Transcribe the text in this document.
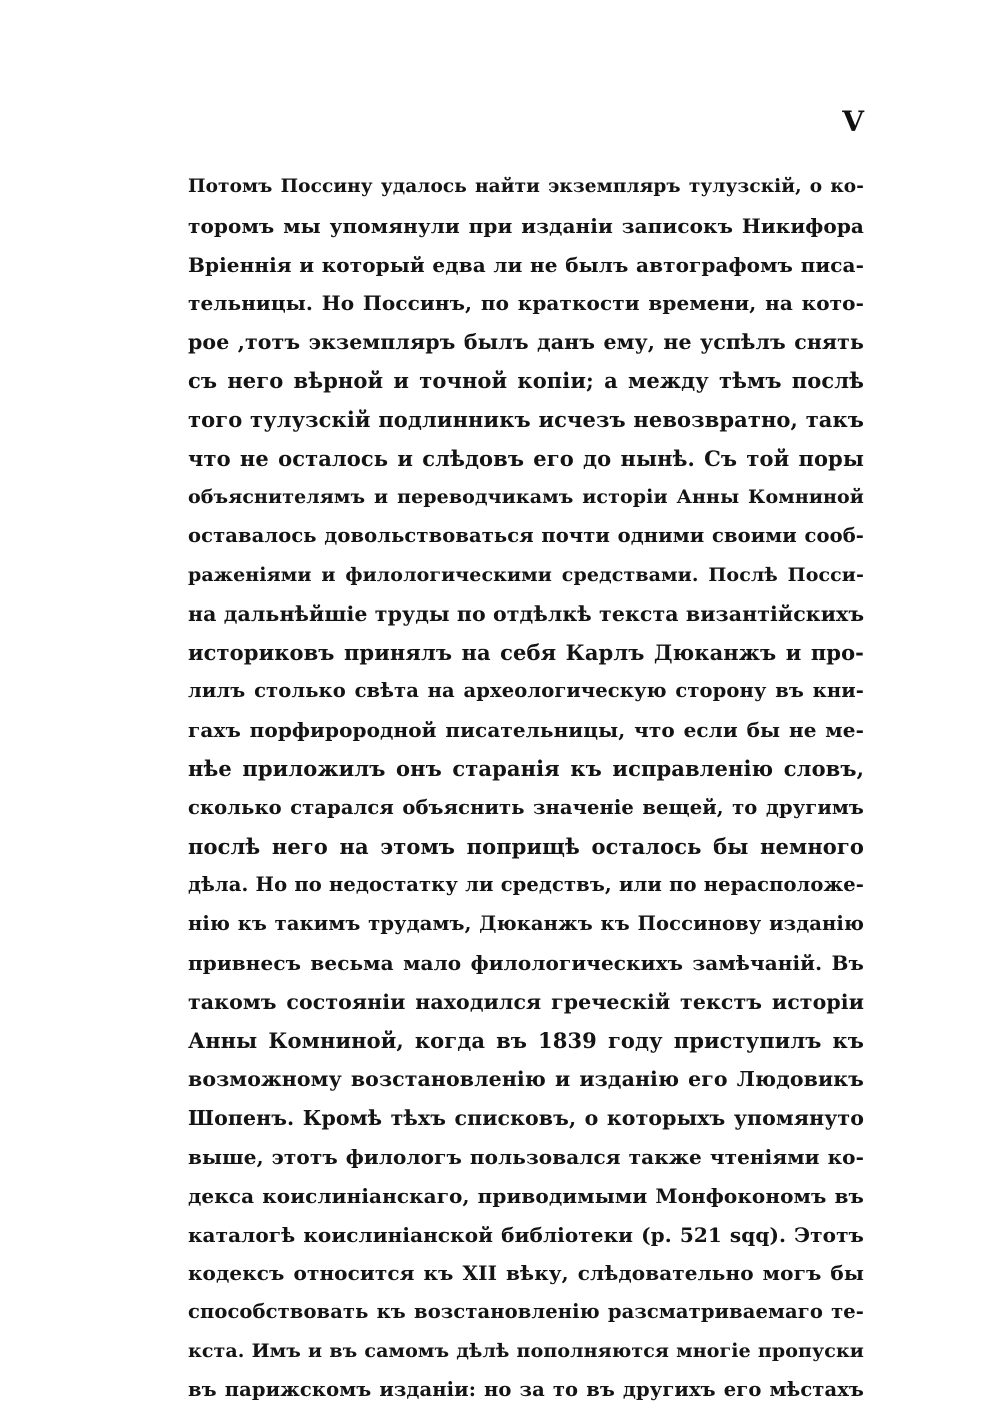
V
Потомъ Поссину удалось найти экземпляръ тулузскій, о ко-
торомъ мы упомянули при изданіи записокъ Никифора
Вріеннія и который едва ли не былъ автографомъ писа-
тельницы. Но Поссинъ, по краткости времени, на кото-
рое ,тотъ экземпляръ былъ данъ ему, не успѣлъ снять
съ него вѣрной и точной копіи; а между тѣмъ послѣ
того тулузскій подлинникъ исчезъ невозвратно, такъ
что не осталось и слѣдовъ его до нынѣ. Съ той поры
объяснителямъ и переводчикамъ исторіи Анны Комниной
оставалось довольствоваться почти одними своими сооб-
раженіями и филологическими средствами. Послѣ Посси-
на дальнѣйшіе труды по отдѣлкѣ текста византійскихъ
историковъ принялъ на себя Карлъ Дюканжъ и про-
лилъ столько свѣта на археологическую сторону въ кни-
гахъ порфирородной писательницы, что если бы не ме-
нѣе приложилъ онъ старанія къ исправленію словъ,
сколько старался объяснить значеніе вещей, то другимъ
послѣ него на этомъ поприщѣ осталось бы немного
дѣла. Но по недостатку ли средствъ, или по нерасположе-
нію къ такимъ трудамъ, Дюканжъ къ Поссинову изданію
привнесъ весьма мало филологическихъ замѣчаній. Въ
такомъ состояніи находился греческій текстъ исторіи
Анны Комниной, когда въ 1839 году приступилъ къ
возможному возстановленію и изданію его Людовикъ
Шопенъ. Кромѣ тѣхъ списковъ, о которыхъ упомянуто
выше, этотъ филологъ пользовался также чтеніями ко-
декса коислиніанскаго, приводимыми Монфокономъ въ
каталогѣ коислиніанской библіотеки (р. 521 sqq). Этотъ
кодексъ относится къ XII вѣку, слѣдовательно могъ бы
способствовать къ возстановленію разсматриваемаго те-
кста. Имъ и въ самомъ дѣлѣ пополняются многіе пропуски
въ парижскомъ изданіи: но за то въ другихъ его мѣстахъ
